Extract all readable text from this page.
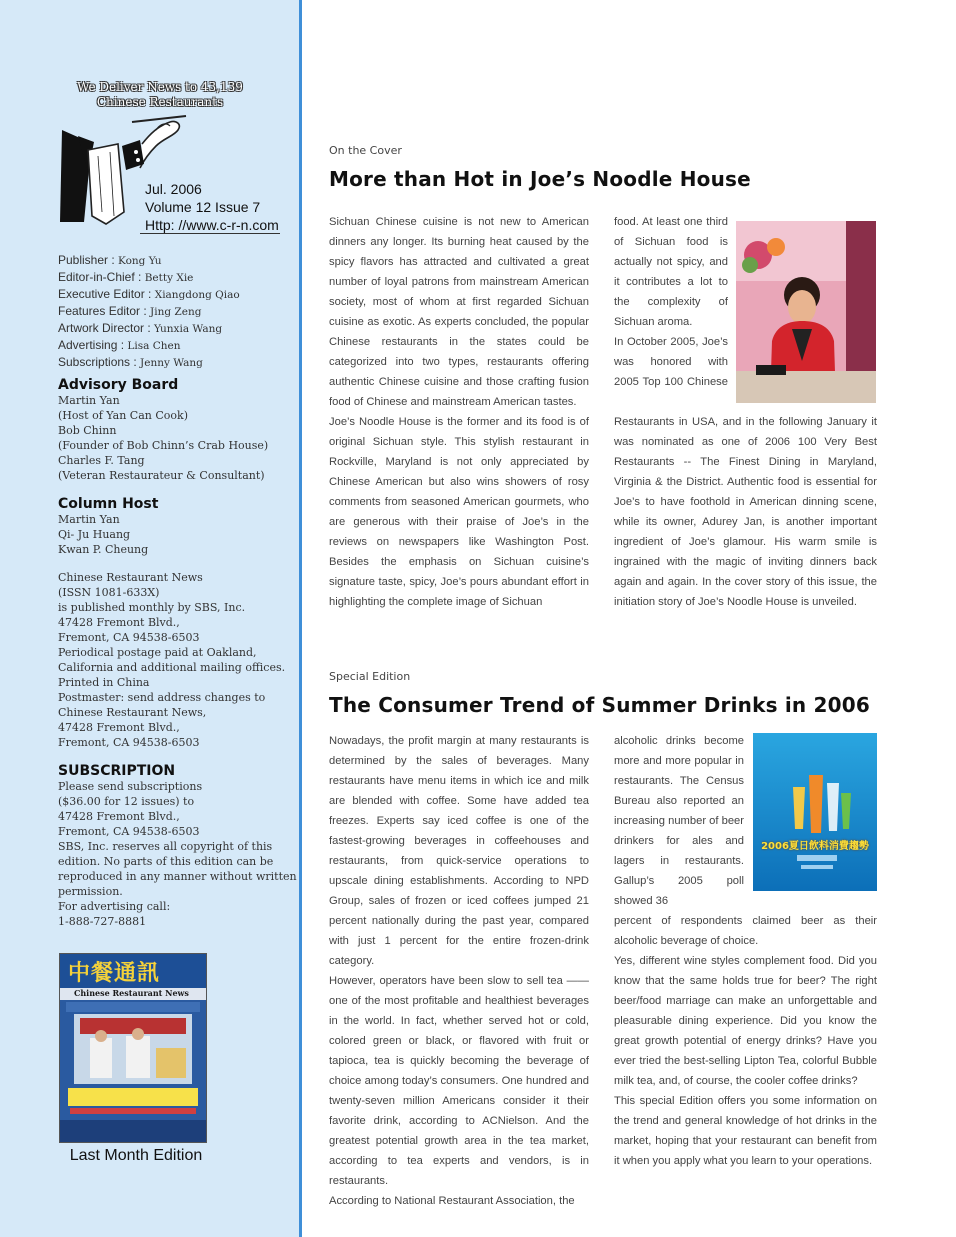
We Deliver News to 43,139 Chinese Restaurants
Jul. 2006
Volume 12 Issue 7
Http: //www.c-r-n.com
Publisher : Kong Yu
Editor-in-Chief : Betty Xie
Executive Editor : Xiangdong Qiao
Features Editor : Jing Zeng
Artwork Director : Yunxia Wang
Advertising : Lisa Chen
Subscriptions : Jenny Wang
Advisory Board
Martin Yan
(Host of Yan Can Cook)
Bob Chinn
(Founder of Bob Chinn’s Crab House)
Charles F. Tang
(Veteran Restaurateur & Consultant)
Column Host
Martin Yan
Qi- Ju Huang
Kwan P. Cheung
Chinese Restaurant News
(ISSN 1081-633X)
is published monthly by SBS, Inc.
47428 Fremont Blvd.,
Fremont, CA 94538-6503
Periodical postage paid at Oakland,
California and additional mailing offices.
Printed in China
Postmaster: send address changes to
Chinese Restaurant News,
47428 Fremont Blvd.,
Fremont, CA 94538-6503
SUBSCRIPTION
Please send subscriptions
($36.00 for 12 issues) to
47428 Fremont Blvd.,
Fremont, CA 94538-6503
SBS, Inc. reserves all copyright of this
edition. No parts of this edition can be
reproduced in any manner without written
permission.
For advertising call:
1-888-727-8881
中餐通訊
Chinese Restaurant News
Last Month Edition
On the Cover
More than Hot in Joe’s Noodle House

Sichuan Chinese cuisine is not new to American dinners any longer. Its burning heat caused by the spicy flavors has attracted and cultivated a great number of loyal patrons from mainstream American society, most of whom at first regarded Sichuan cuisine as exotic. As experts concluded, the popular Chinese restaurants in the states could be categorized into two types, restaurants offering authentic Chinese cuisine and those crafting fusion food of Chinese and mainstream American tastes.

Joe’s Noodle House is the former and its food is of original Sichuan style. This stylish restaurant in Rockville, Maryland is not only appreciated by Chinese American but also wins showers of rosy comments from seasoned American gourmets, who are generous with their praise of Joe’s in the reviews on newspapers like Washington Post. Besides the emphasis on Sichuan cuisine’s signature taste, spicy, Joe’s pours abundant effort in highlighting the complete image of Sichuan

food. At least one third of Sichuan food is actually not spicy, and it contributes a lot to the complexity of Sichuan aroma.

In October 2005, Joe’s was honored with 2005 Top 100 Chinese

Restaurants in USA, and in the following January it was nominated as one of 2006 100 Very Best Restaurants -- The Finest Dining in Maryland, Virginia & the District. Authentic food is essential for Joe’s to have foothold in American dinning scene, while its owner, Adurey Jan, is another important ingredient of Joe’s glamour. His warm smile is ingrained with the magic of inviting dinners back again and again. In the cover story of this issue, the initiation story of Joe’s Noodle House is unveiled.

Special Edition
The Consumer Trend of Summer Drinks in 2006

Nowadays, the profit margin at many restaurants is determined by the sales of beverages. Many restaurants have menu items in which ice and milk are blended with coffee. Some have added tea freezes. Experts say iced coffee is one of the fastest-growing beverages in coffeehouses and restaurants, from quick-service operations to upscale dining establishments. According to NPD Group, sales of frozen or iced coffees jumped 21 percent nationally during the past year, compared with just 1 percent for the entire frozen-drink category.

However, operators have been slow to sell tea —— one of the most profitable and healthiest beverages in the world. In fact, whether served hot or cold, colored green or black, or flavored with fruit or tapioca, tea is quickly becoming the beverage of choice among today’s consumers. One hundred and twenty-seven million Americans consider it their favorite drink, according to ACNielson. And the greatest potential growth area in the tea market, according to tea experts and vendors, is in restaurants.

According to National Restaurant Association, the

alcoholic drinks become more and more popular in restaurants. The Census Bureau also reported an increasing number of beer drinkers for ales and lagers in restaurants. Gallup’s 2005 poll showed 36

2006夏日飲料消費趨勢

percent of respondents claimed beer as their alcoholic beverage of choice.

Yes, different wine styles complement food. Did you know that the same holds true for beer? The right beer/food marriage can make an unforgettable and pleasurable dining experience. Did you know the great growth potential of energy drinks? Have you ever tried the best-selling Lipton Tea, colorful Bubble milk tea, and, of course, the cooler coffee drinks?

This special Edition offers you some information on the trend and general knowledge of hot drinks in the market, hoping that your restaurant can benefit from it when you apply what you learn to your operations.
